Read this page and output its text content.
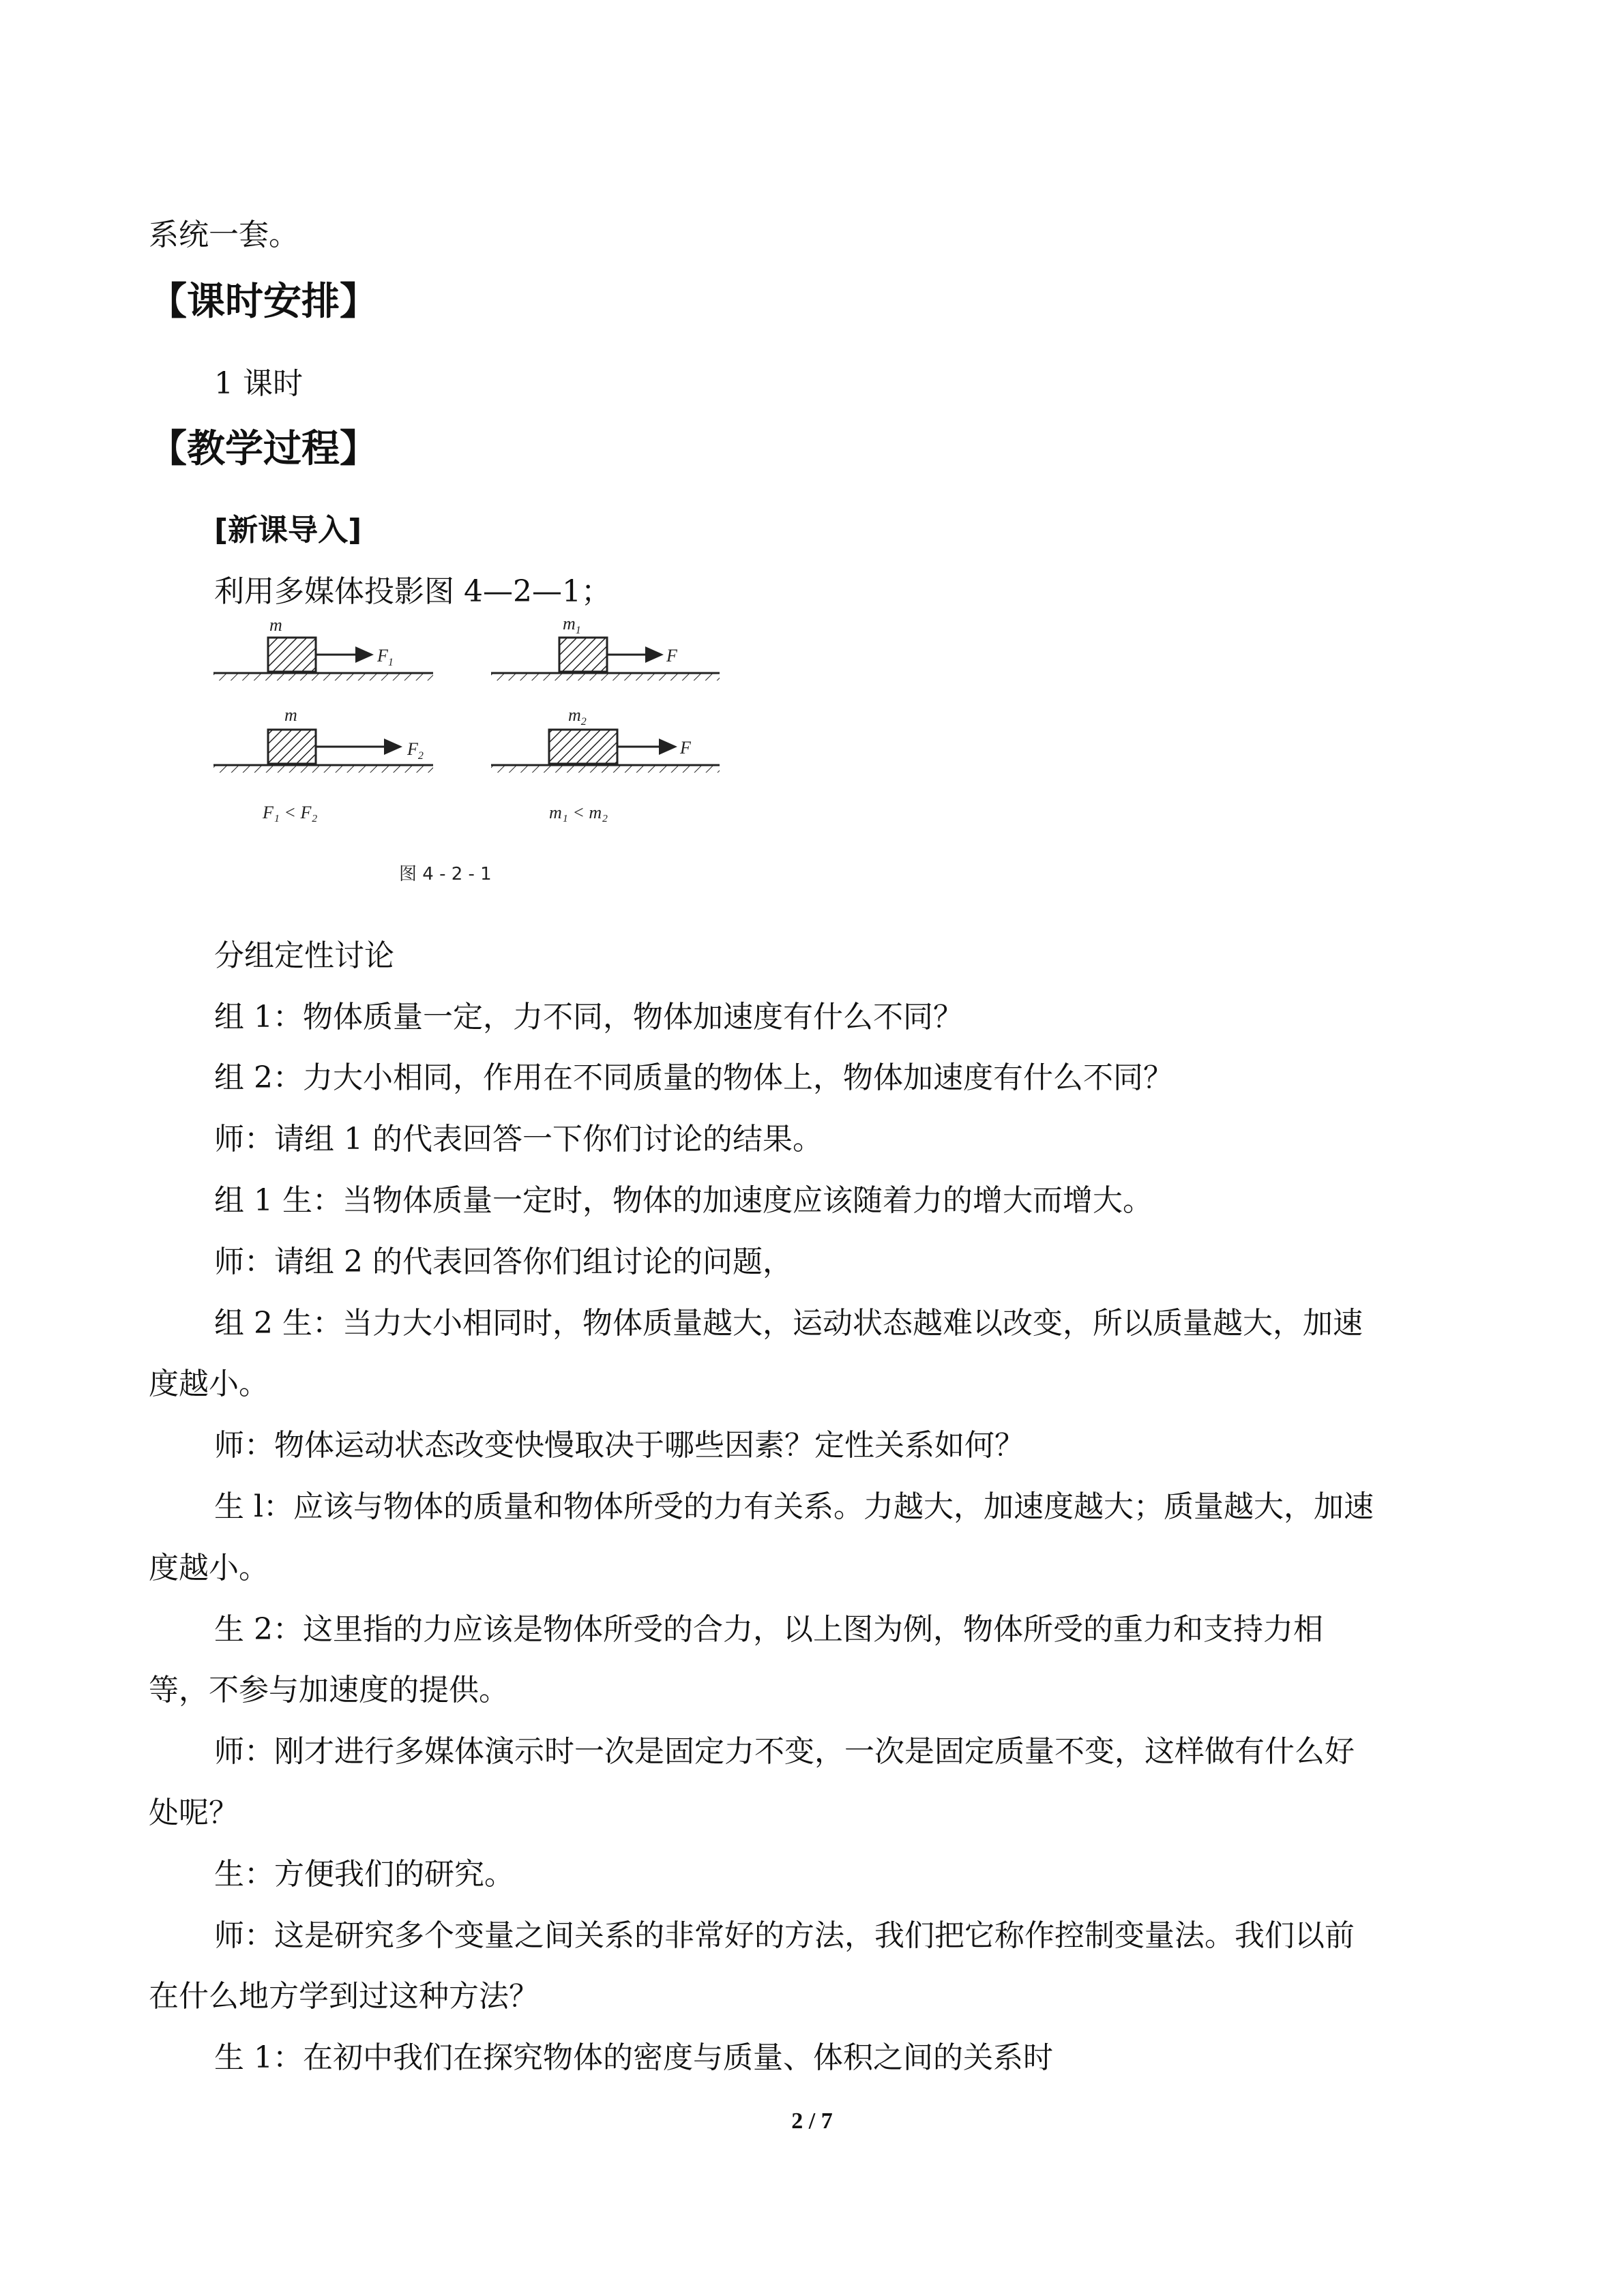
系统一套。
【课时安排】
1 课时
【教学过程】
[新课导入]
利用多媒体投影图 4—2—1；
m
$F_1$
$m_1$
F
m
$F_2$
$m_2$
F
F₁ < F₂	m₁ < m₂
图 4 - 2 - 1
分组定性讨论
组 1：物体质量一定，力不同，物体加速度有什么不同？
组 2：力大小相同，作用在不同质量的物体上，物体加速度有什么不同？
师：请组 1 的代表回答一下你们讨论的结果。
组 1 生：当物体质量一定时，物体的加速度应该随着力的增大而增大。
师：请组 2 的代表回答你们组讨论的问题，
组 2 生：当力大小相同时，物体质量越大，运动状态越难以改变，所以质量越大，加速
度越小。
师：物体运动状态改变快慢取决于哪些因素？定性关系如何？
生 l：应该与物体的质量和物体所受的力有关系。力越大，加速度越大；质量越大，加速
度越小。
生 2：这里指的力应该是物体所受的合力，以上图为例，物体所受的重力和支持力相
等，不参与加速度的提供。
师：刚才进行多媒体演示时一次是固定力不变，一次是固定质量不变，这样做有什么好
处呢？
生：方便我们的研究。
师：这是研究多个变量之间关系的非常好的方法，我们把它称作控制变量法。我们以前
在什么地方学到过这种方法？
生 1：在初中我们在探究物体的密度与质量、体积之间的关系时
2 / 7
